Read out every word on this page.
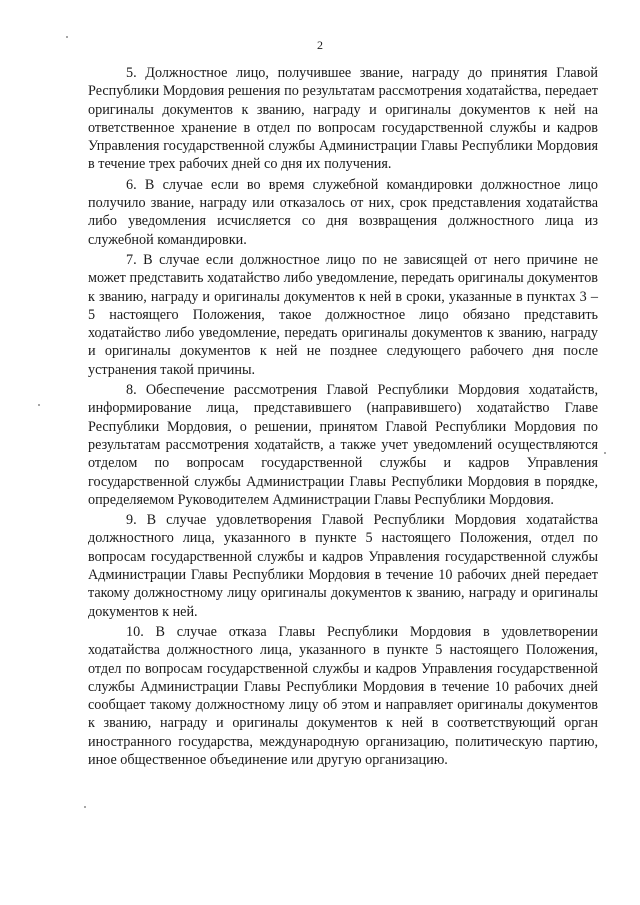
2

5. Должностное лицо, получившее звание, награду до принятия Главой Республики Мордовия решения по результатам рассмотрения ходатайства, передает оригиналы документов к званию, награду и оригиналы документов к ней на ответственное хранение в отдел по вопросам государственной службы и кадров Управления государственной службы Администрации Главы Республики Мордовия в течение трех рабочих дней со дня их получения.

6. В случае если во время служебной командировки должностное лицо получило звание, награду или отказалось от них, срок представления ходатайства либо уведомления исчисляется со дня возвращения должностного лица из служебной командировки.

7. В случае если должностное лицо по не зависящей от него причине не может представить ходатайство либо уведомление, передать оригиналы документов к званию, награду и оригиналы документов к ней в сроки, указанные в пунктах 3 – 5 настоящего Положения, такое должностное лицо обязано представить ходатайство либо уведомление, передать оригиналы документов к званию, награду и оригиналы документов к ней не позднее следующего рабочего дня после устранения такой причины.

8. Обеспечение рассмотрения Главой Республики Мордовия ходатайств, информирование лица, представившего (направившего) ходатайство Главе Республики Мордовия, о решении, принятом Главой Республики Мордовия по результатам рассмотрения ходатайств, а также учет уведомлений осуществляются отделом по вопросам государственной службы и кадров Управления государственной службы Администрации Главы Республики Мордовия в порядке, определяемом Руководителем Администрации Главы Республики Мордовия.

9. В случае удовлетворения Главой Республики Мордовия ходатайства должностного лица, указанного в пункте 5 настоящего Положения, отдел по вопросам государственной службы и кадров Управления государственной службы Администрации Главы Республики Мордовия в течение 10 рабочих дней передает такому должностному лицу оригиналы документов к званию, награду и оригиналы документов к ней.

10. В случае отказа Главы Республики Мордовия в удовлетворении ходатайства должностного лица, указанного в пункте 5 настоящего Положения, отдел по вопросам государственной службы и кадров Управления государственной службы Администрации Главы Республики Мордовия в течение 10 рабочих дней сообщает такому должностному лицу об этом и направляет оригиналы документов к званию, награду и оригиналы документов к ней в соответствующий орган иностранного государства, международную организацию, политическую партию, иное общественное объединение или другую организацию.
